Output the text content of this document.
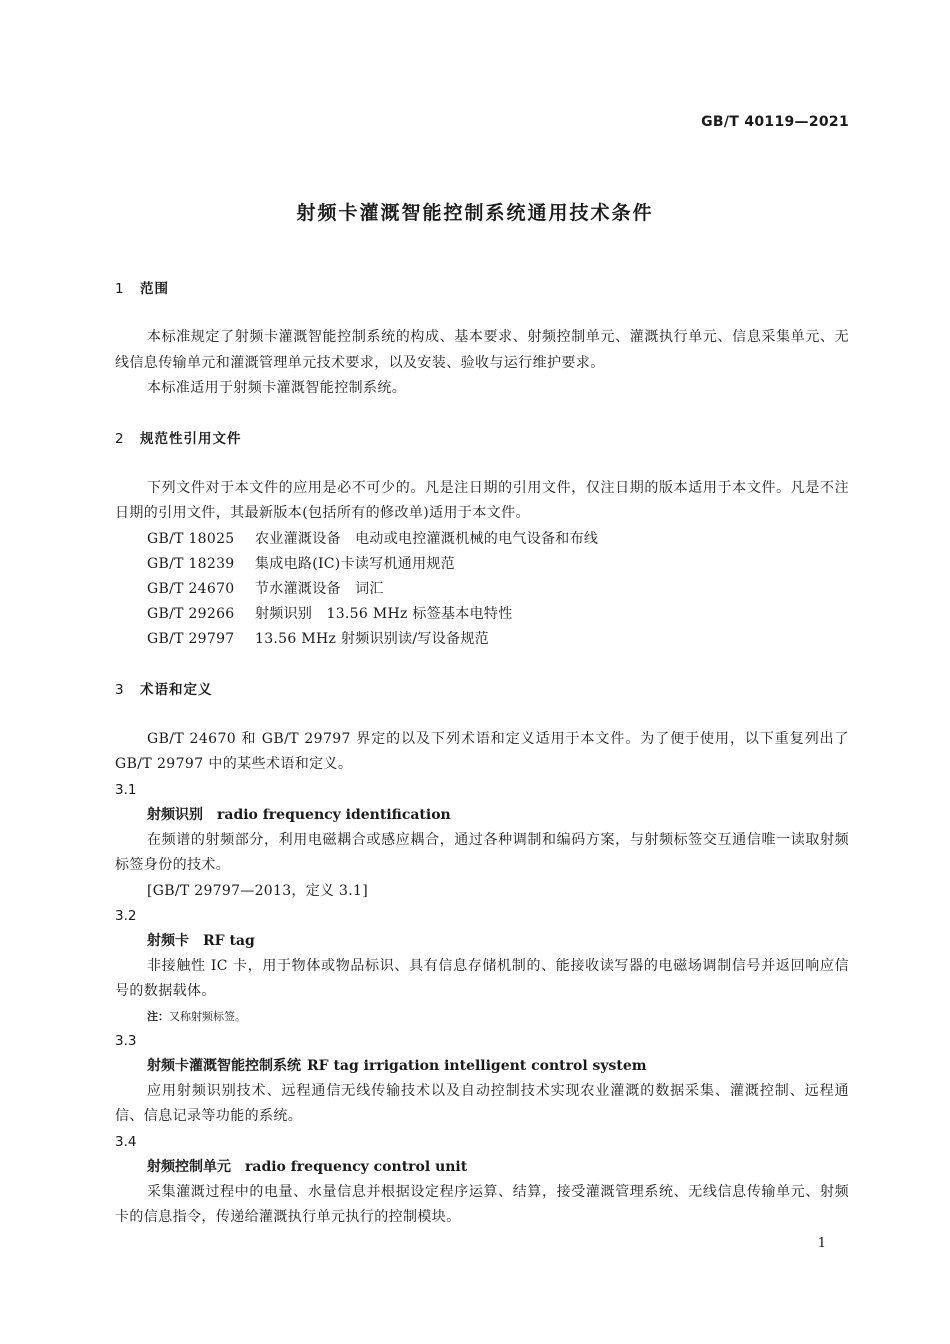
GB/T 40119—2021
射频卡灌溉智能控制系统通用技术条件
1 范围

本标准规定了射频卡灌溉智能控制系统的构成、基本要求、射频控制单元、灌溉执行单元、信息采集单元、无线信息传输单元和灌溉管理单元技术要求，以及安装、验收与运行维护要求。

本标准适用于射频卡灌溉智能控制系统。

2 规范性引用文件

下列文件对于本文件的应用是必不可少的。凡是注日期的引用文件，仅注日期的版本适用于本文件。凡是不注日期的引用文件，其最新版本(包括所有的修改单)适用于本文件。

GB/T 18025 农业灌溉设备　电动或电控灌溉机械的电气设备和布线
GB/T 18239 集成电路(IC)卡读写机通用规范
GB/T 24670 节水灌溉设备　词汇
GB/T 29266 射频识别　13.56 MHz 标签基本电特性
GB/T 29797 13.56 MHz 射频识别读/写设备规范
3 术语和定义

GB/T 24670 和 GB/T 29797 界定的以及下列术语和定义适用于本文件。为了便于使用，以下重复列出了 GB/T 29797 中的某些术语和定义。

3.1
射频识别 radio frequency identification

在频谱的射频部分，利用电磁耦合或感应耦合，通过各种调制和编码方案，与射频标签交互通信唯一读取射频标签身份的技术。

[GB/T 29797—2013，定义 3.1]
3.2
射频卡 RF tag

非接触性 IC 卡，用于物体或物品标识、具有信息存储机制的、能接收读写器的电磁场调制信号并返回响应信号的数据载体。

注：又称射频标签。
3.3
射频卡灌溉智能控制系统 RF tag irrigation intelligent control system

应用射频识别技术、远程通信无线传输技术以及自动控制技术实现农业灌溉的数据采集、灌溉控制、远程通信、信息记录等功能的系统。

3.4
射频控制单元 radio frequency control unit

采集灌溉过程中的电量、水量信息并根据设定程序运算、结算，接受灌溉管理系统、无线信息传输单元、射频卡的信息指令，传递给灌溉执行单元执行的控制模块。

1
